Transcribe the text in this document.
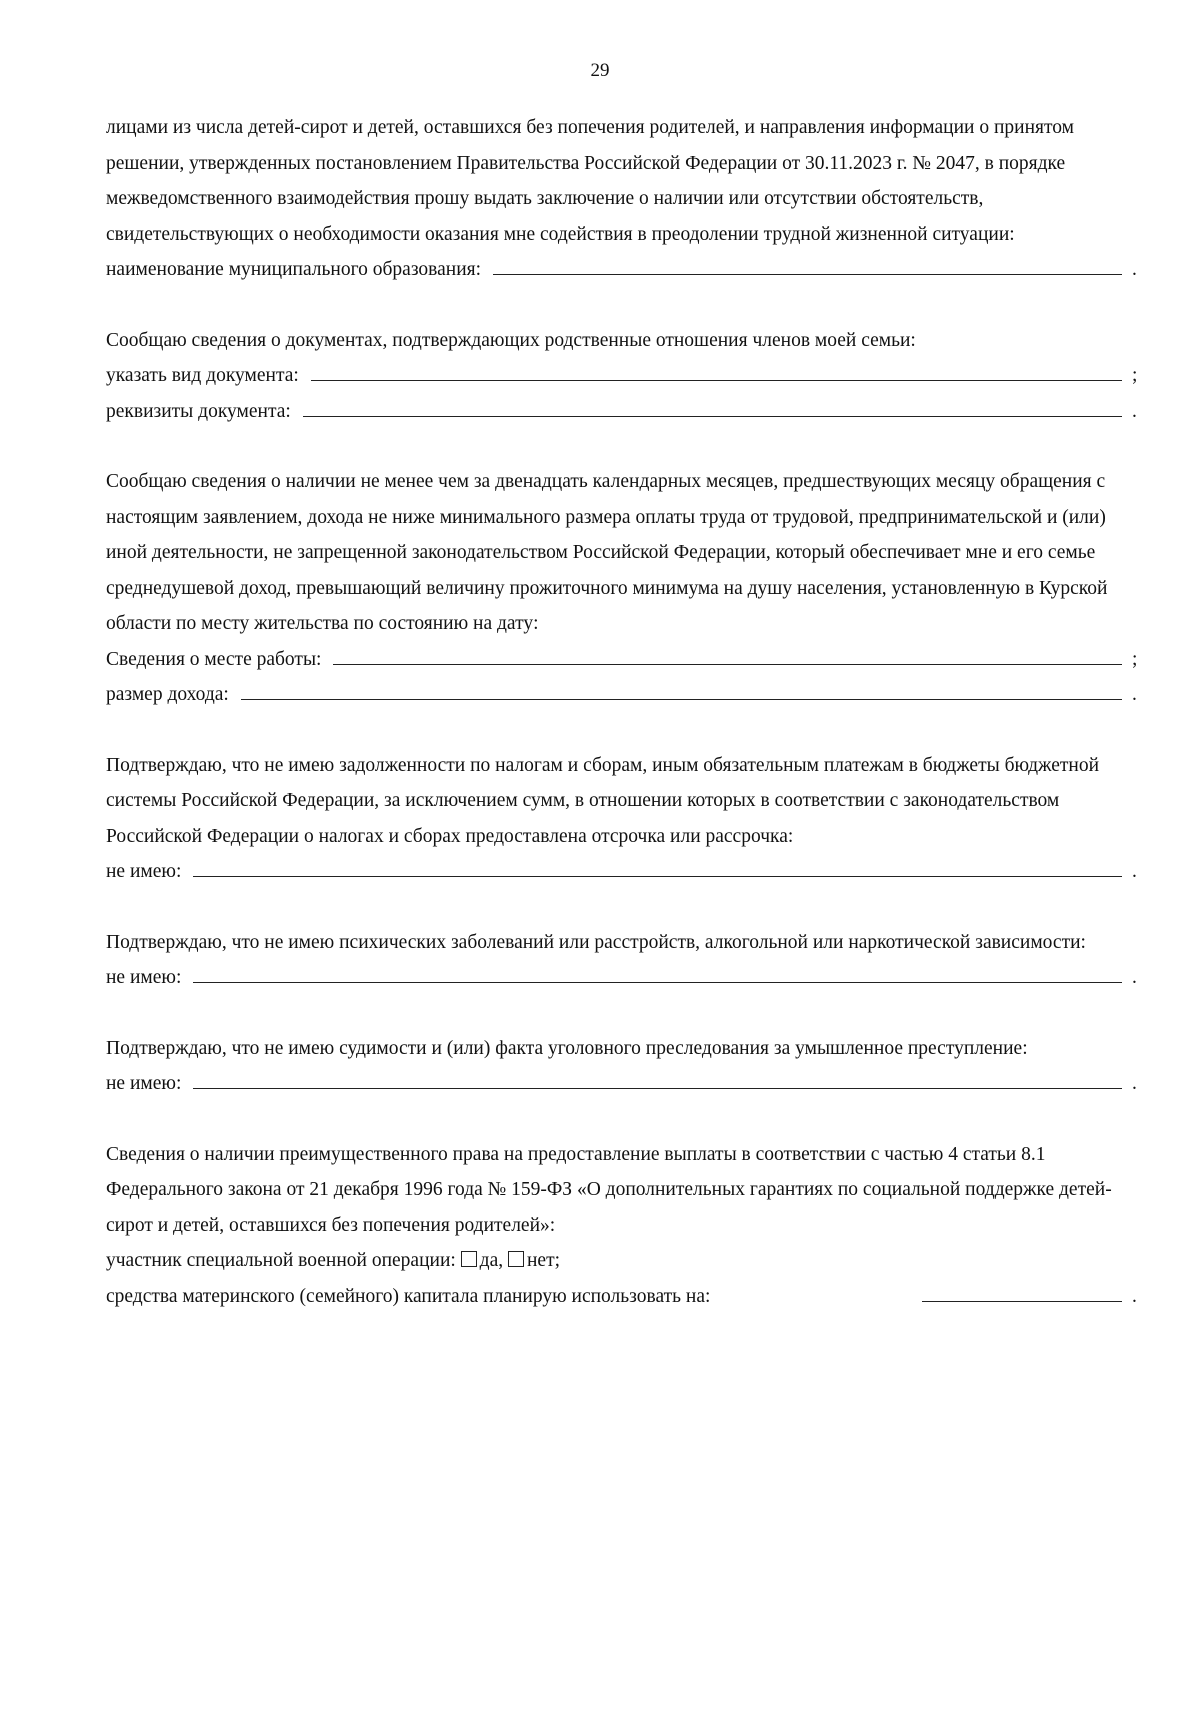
29

лицами из числа детей-сирот и детей, оставшихся без попечения родителей, и направления информации о принятом решении, утвержденных постановлением Правительства Российской Федерации от 30.11.2023 г. № 2047, в порядке межведомственного взаимодействия прошу выдать заключение о наличии или отсутствии обстоятельств, свидетельствующих о необходимости оказания мне содействия в преодолении трудной жизненной ситуации:

наименование муниципального образования:	.

Сообщаю сведения о документах, подтверждающих родственные отношения членов моей семьи:

указать вид документа:	;
реквизиты документа:	.

Сообщаю сведения о наличии не менее чем за двенадцать календарных месяцев, предшествующих месяцу обращения с настоящим заявлением, дохода не ниже минимального размера оплаты труда от трудовой, предпринимательской и (или) иной деятельности, не запрещенной законодательством Российской Федерации, который обеспечивает мне и его семье среднедушевой доход, превышающий величину прожиточного минимума на душу населения, установленную в Курской области по месту жительства по состоянию на дату:

Сведения о месте работы:	;
размер дохода:	.

Подтверждаю, что не имею задолженности по налогам и сборам, иным обязательным платежам в бюджеты бюджетной системы Российской Федерации, за исключением сумм, в отношении которых в соответствии с законодательством Российской Федерации о налогах и сборах предоставлена отсрочка или рассрочка:

не имею:	.

Подтверждаю, что не имею психических заболеваний или расстройств, алкогольной или наркотической зависимости:

не имею:	.

Подтверждаю, что не имею судимости и (или) факта уголовного преследования за умышленное преступление:

не имею:	.

Сведения о наличии преимущественного права на предоставление выплаты в соответствии с частью 4 статьи 8.1 Федерального закона от 21 декабря 1996 года № 159-ФЗ «О дополнительных гарантиях по социальной поддержке детей-сирот и детей, оставшихся без попечения родителей»:

участник специальной военной операции: да, нет;
средства материнского (семейного) капитала планирую использовать на:	.
